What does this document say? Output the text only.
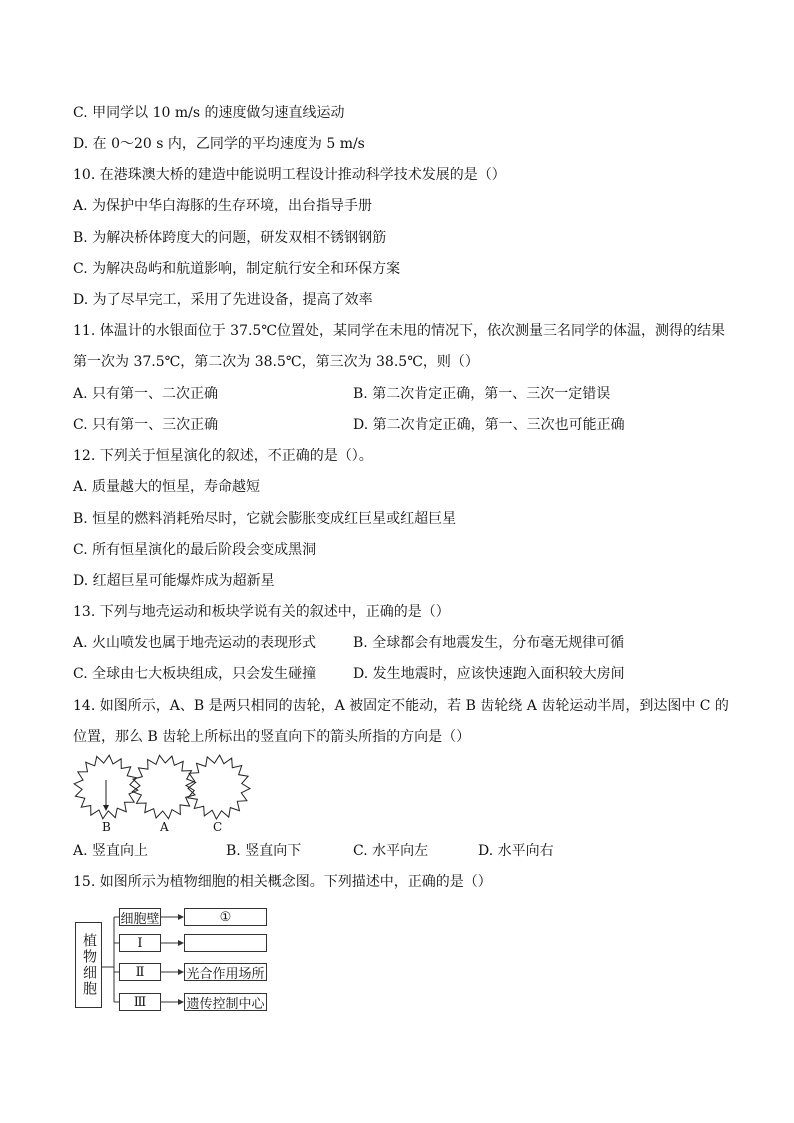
C. 甲同学以 10 m/s 的速度做匀速直线运动
D. 在 0～20 s 内，乙同学的平均速度为 5 m/s
10. 在港珠澳大桥的建造中能说明工程设计推动科学技术发展的是（）
A. 为保护中华白海豚的生存环境，出台指导手册
B. 为解决桥体跨度大的问题，研发双相不锈钢钢筋
C. 为解决岛屿和航道影响，制定航行安全和环保方案
D. 为了尽早完工，采用了先进设备，提高了效率
11. 体温计的水银面位于 37.5℃位置处，某同学在未甩的情况下，依次测量三名同学的体温，测得的结果
第一次为 37.5℃，第二次为 38.5℃，第三次为 38.5℃，则（）
A. 只有第一、二次正确	B. 第二次肯定正确，第一、三次一定错误
C. 只有第一、三次正确	D. 第二次肯定正确，第一、三次也可能正确
12. 下列关于恒星演化的叙述，不正确的是（）。
A. 质量越大的恒星，寿命越短
B. 恒星的燃料消耗殆尽时，它就会膨胀变成红巨星或红超巨星
C. 所有恒星演化的最后阶段会变成黑洞
D. 红超巨星可能爆炸成为超新星
13. 下列与地壳运动和板块学说有关的叙述中，正确的是（）
A. 火山喷发也属于地壳运动的表现形式	B. 全球都会有地震发生，分布毫无规律可循
C. 全球由七大板块组成，只会发生碰撞	D. 发生地震时，应该快速跑入面积较大房间
14. 如图所示，A、B 是两只相同的齿轮，A 被固定不能动，若 B 齿轮绕 A 齿轮运动半周，到达图中 C 的
位置，那么 B 齿轮上所标出的竖直向下的箭头所指的方向是（）
B	A	C
A. 竖直向上	B. 竖直向下	C. 水平向左	D. 水平向右
15. 如图所示为植物细胞的相关概念图。下列描述中，正确的是（）
植物细胞
细胞壁
Ⅰ
Ⅱ
Ⅲ
①
光合作用场所
遗传控制中心
